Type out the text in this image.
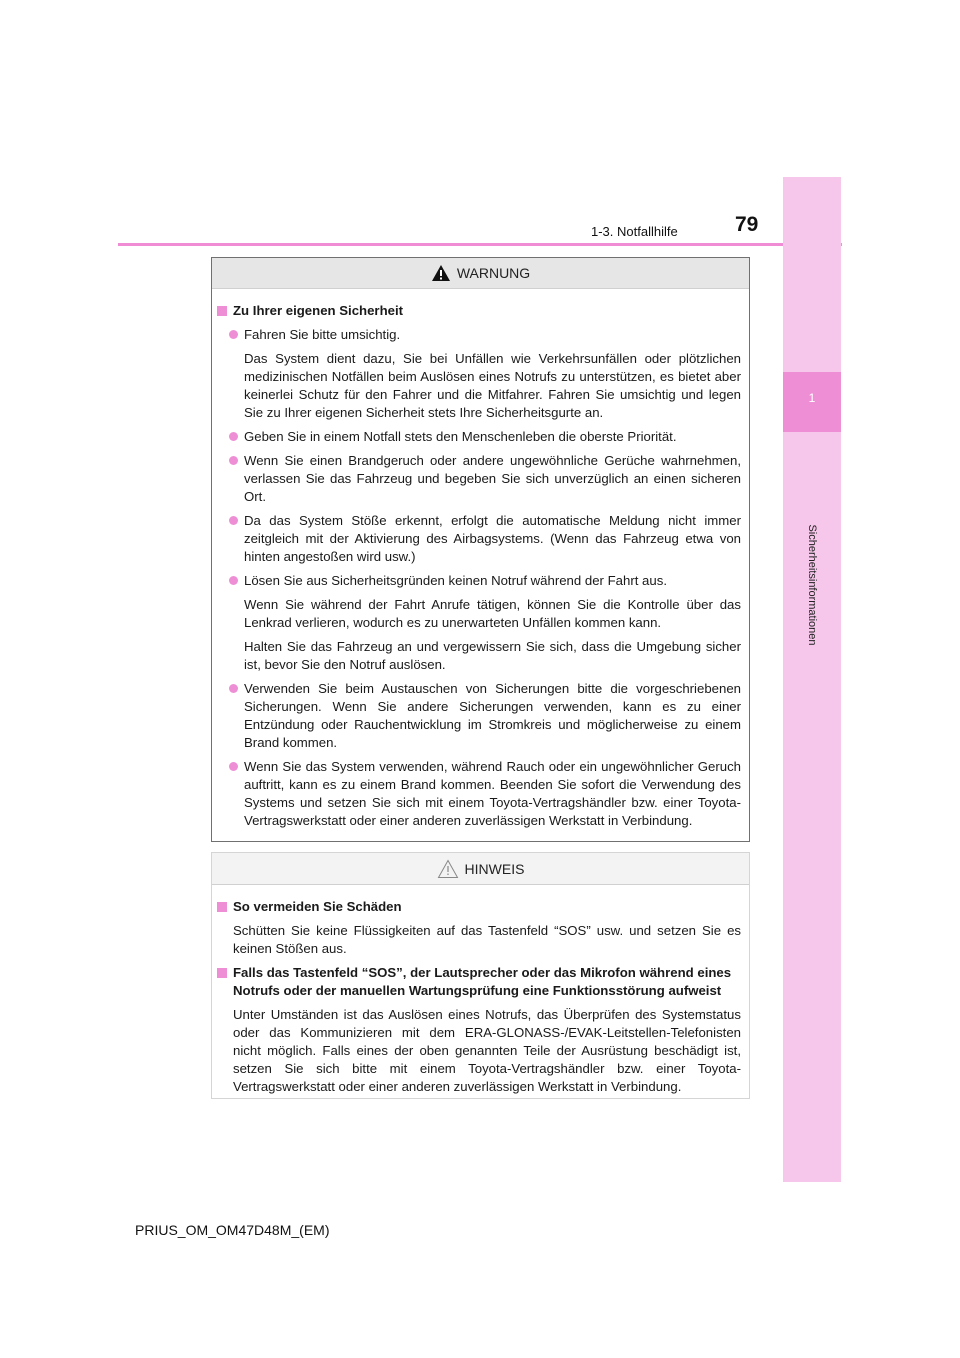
1-3. Notfallhilfe	79
1
Sicherheitsinformationen
WARNUNG
Zu Ihrer eigenen Sicherheit
Fahren Sie bitte umsichtig.
Das System dient dazu, Sie bei Unfällen wie Verkehrsunfällen oder plötzlichen medizinischen Notfällen beim Auslösen eines Notrufs zu unterstützen, es bietet aber keinerlei Schutz für den Fahrer und die Mitfahrer. Fahren Sie umsichtig und legen Sie zu Ihrer eigenen Sicherheit stets Ihre Sicherheitsgurte an.
Geben Sie in einem Notfall stets den Menschenleben die oberste Priorität.
Wenn Sie einen Brandgeruch oder andere ungewöhnliche Gerüche wahrnehmen, verlassen Sie das Fahrzeug und begeben Sie sich unverzüglich an einen sicheren Ort.
Da das System Stöße erkennt, erfolgt die automatische Meldung nicht immer zeitgleich mit der Aktivierung des Airbagsystems. (Wenn das Fahrzeug etwa von hinten angestoßen wird usw.)
Lösen Sie aus Sicherheitsgründen keinen Notruf während der Fahrt aus.
Wenn Sie während der Fahrt Anrufe tätigen, können Sie die Kontrolle über das Lenkrad verlieren, wodurch es zu unerwarteten Unfällen kommen kann.
Halten Sie das Fahrzeug an und vergewissern Sie sich, dass die Umgebung sicher ist, bevor Sie den Notruf auslösen.
Verwenden Sie beim Austauschen von Sicherungen bitte die vorgeschriebenen Sicherungen. Wenn Sie andere Sicherungen verwenden, kann es zu einer Entzündung oder Rauchentwicklung im Stromkreis und möglicherweise zu einem Brand kommen.
Wenn Sie das System verwenden, während Rauch oder ein ungewöhnlicher Geruch auftritt, kann es zu einem Brand kommen. Beenden Sie sofort die Verwendung des Systems und setzen Sie sich mit einem Toyota-Vertragshändler bzw. einer Toyota-Vertragswerkstatt oder einer anderen zuverlässigen Werkstatt in Verbindung.
HINWEIS
So vermeiden Sie Schäden
Schütten Sie keine Flüssigkeiten auf das Tastenfeld “SOS” usw. und setzen Sie es keinen Stößen aus.
Falls das Tastenfeld “SOS”, der Lautsprecher oder das Mikrofon während eines Notrufs oder der manuellen Wartungsprüfung eine Funktionsstörung aufweist
Unter Umständen ist das Auslösen eines Notrufs, das Überprüfen des Systemstatus oder das Kommunizieren mit dem ERA-GLONASS-/EVAK-Leitstellen-Telefonisten nicht möglich. Falls eines der oben genannten Teile der Ausrüstung beschädigt ist, setzen Sie sich bitte mit einem Toyota-Vertragshändler bzw. einer Toyota-Vertragswerkstatt oder einer anderen zuverlässigen Werkstatt in Verbindung.
PRIUS_OM_OM47D48M_(EM)
